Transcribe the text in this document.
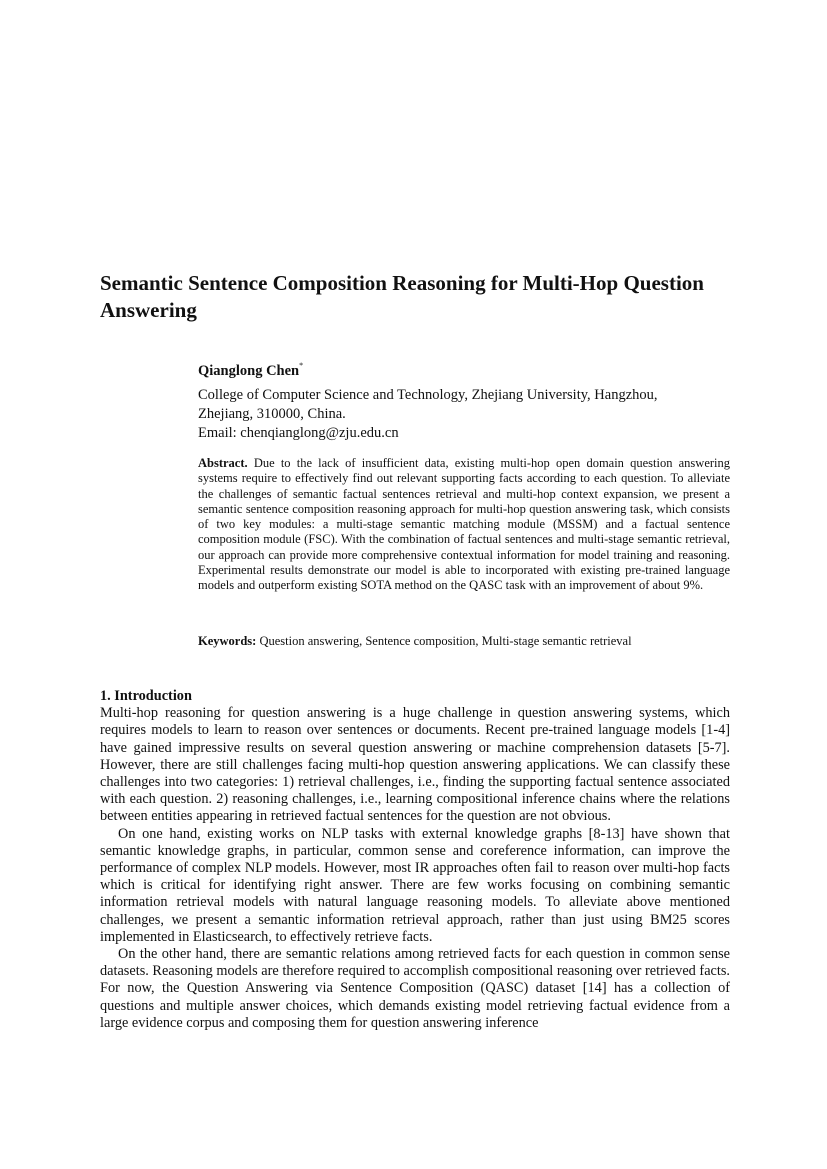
Semantic Sentence Composition Reasoning for Multi-Hop Question Answering

Qianglong Chen*

College of Computer Science and Technology, Zhejiang University, Hangzhou,

Zhejiang, 310000, China.

Email: chenqianglong@zju.edu.cn

Abstract. Due to the lack of insufficient data, existing multi-hop open domain question answering systems require to effectively find out relevant supporting facts according to each question. To alleviate the challenges of semantic factual sentences retrieval and multi-hop context expansion, we present a semantic sentence composition reasoning approach for multi-hop question answering task, which consists of two key modules: a multi-stage semantic matching module (MSSM) and a factual sentence composition module (FSC). With the combination of factual sentences and multi-stage semantic retrieval, our approach can provide more comprehensive contextual information for model training and reasoning. Experimental results demonstrate our model is able to incorporated with existing pre-trained language models and outperform existing SOTA method on the QASC task with an improvement of about 9%.

Keywords: Question answering, Sentence composition, Multi-stage semantic retrieval

1. Introduction

Multi-hop reasoning for question answering is a huge challenge in question answering systems, which requires models to learn to reason over sentences or documents. Recent pre-trained language models [1-4] have gained impressive results on several question answering or machine comprehension datasets [5-7]. However, there are still challenges facing multi-hop question answering applications. We can classify these challenges into two categories: 1) retrieval challenges, i.e., finding the supporting factual sentence associated with each question. 2) reasoning challenges, i.e., learning compositional inference chains where the relations between entities appearing in retrieved factual sentences for the question are not obvious.

On one hand, existing works on NLP tasks with external knowledge graphs [8-13] have shown that semantic knowledge graphs, in particular, common sense and coreference information, can improve the performance of complex NLP models. However, most IR approaches often fail to reason over multi-hop facts which is critical for identifying right answer. There are few works focusing on combining semantic information retrieval models with natural language reasoning models. To alleviate above mentioned challenges, we present a semantic information retrieval approach, rather than just using BM25 scores implemented in Elasticsearch, to effectively retrieve facts.

On the other hand, there are semantic relations among retrieved facts for each question in common sense datasets. Reasoning models are therefore required to accomplish compositional reasoning over retrieved facts. For now, the Question Answering via Sentence Composition (QASC) dataset [14] has a collection of questions and multiple answer choices, which demands existing model retrieving factual evidence from a large evidence corpus and composing them for question answering inference
